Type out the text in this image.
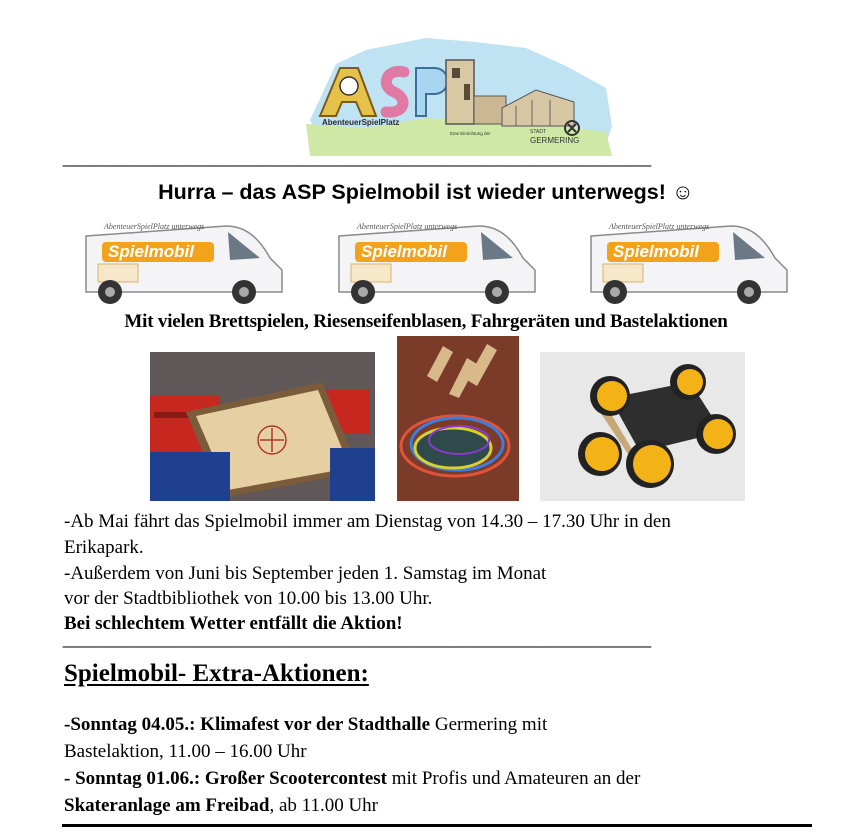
AbenteuerSpielPlatz
Eine Einrichtung der	STADT
GERMERING
--------------------------------------------------------------------------------------------------------------------------------------------------------------------------
Hurra – das ASP Spielmobil ist wieder unterwegs! ☺
AbenteuerSpielPlatz unterwegs
Spielmobil
AbenteuerSpielPlatz unterwegs
Spielmobil
AbenteuerSpielPlatz unterwegs
Spielmobil
Mit vielen Brettspielen, Riesenseifenblasen, Fahrgeräten und Bastelaktionen
-Ab Mai fährt das Spielmobil immer am Dienstag von 14.30 – 17.30 Uhr in den
Erikapark.
-Außerdem von Juni bis September jeden 1. Samstag im Monat
vor der Stadtbibliothek von 10.00 bis 13.00 Uhr.
Bei schlechtem Wetter entfällt die Aktion!
--------------------------------------------------------------------------------------------------------------------------------------------------------------------------
Spielmobil- Extra-Aktionen:
-Sonntag 04.05.: Klimafest vor der Stadthalle Germering mit
Bastelaktion, 11.00 – 16.00 Uhr
- Sonntag 01.06.: Großer Scootercontest mit Profis und Amateuren an der
Skateranlage am Freibad, ab 11.00 Uhr
